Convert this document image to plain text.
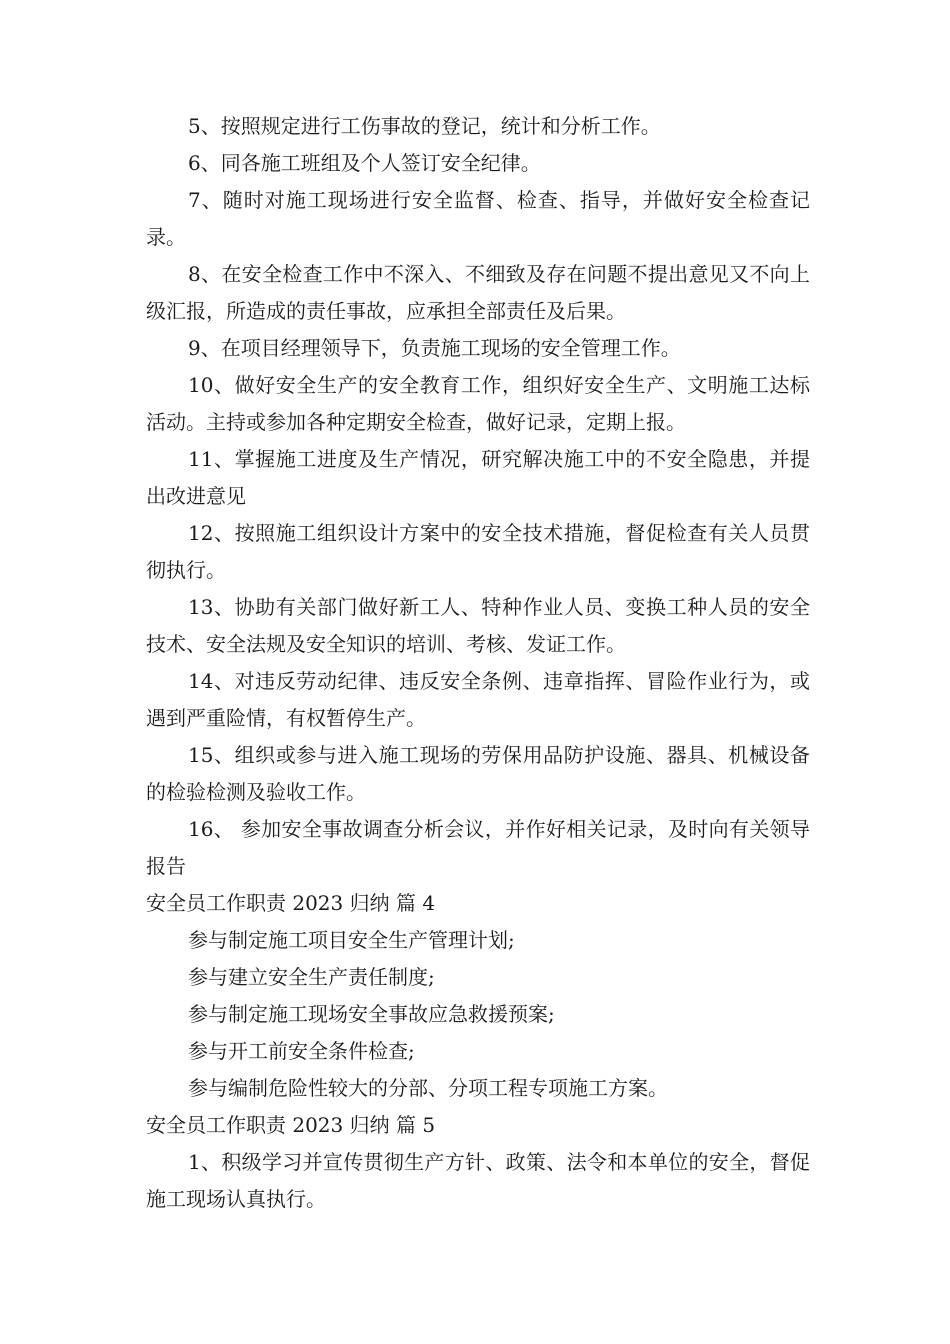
5、按照规定进行工伤事故的登记，统计和分析工作。

6、同各施工班组及个人签订安全纪律。

7、随时对施工现场进行安全监督、检查、指导，并做好安全检查记录。

8、在安全检查工作中不深入、不细致及存在问题不提出意见又不向上级汇报，所造成的责任事故，应承担全部责任及后果。

9、在项目经理领导下，负责施工现场的安全管理工作。

10、做好安全生产的安全教育工作，组织好安全生产、文明施工达标活动。主持或参加各种定期安全检查，做好记录，定期上报。

11、掌握施工进度及生产情况，研究解决施工中的不安全隐患，并提出改进意见

12、按照施工组织设计方案中的安全技术措施，督促检查有关人员贯彻执行。

13、协助有关部门做好新工人、特种作业人员、变换工种人员的安全技术、安全法规及安全知识的培训、考核、发证工作。

14、对违反劳动纪律、违反安全条例、违章指挥、冒险作业行为，或遇到严重险情，有权暂停生产。

15、组织或参与进入施工现场的劳保用品防护设施、器具、机械设备的检验检测及验收工作。

16、 参加安全事故调查分析会议，并作好相关记录，及时向有关领导报告

安全员工作职责 2023 归纳 篇 4

参与制定施工项目安全生产管理计划;

参与建立安全生产责任制度;

参与制定施工现场安全事故应急救援预案;

参与开工前安全条件检查;

参与编制危险性较大的分部、分项工程专项施工方案。

安全员工作职责 2023 归纳 篇 5

1、积级学习并宣传贯彻生产方针、政策、法令和本单位的安全，督促施工现场认真执行。
